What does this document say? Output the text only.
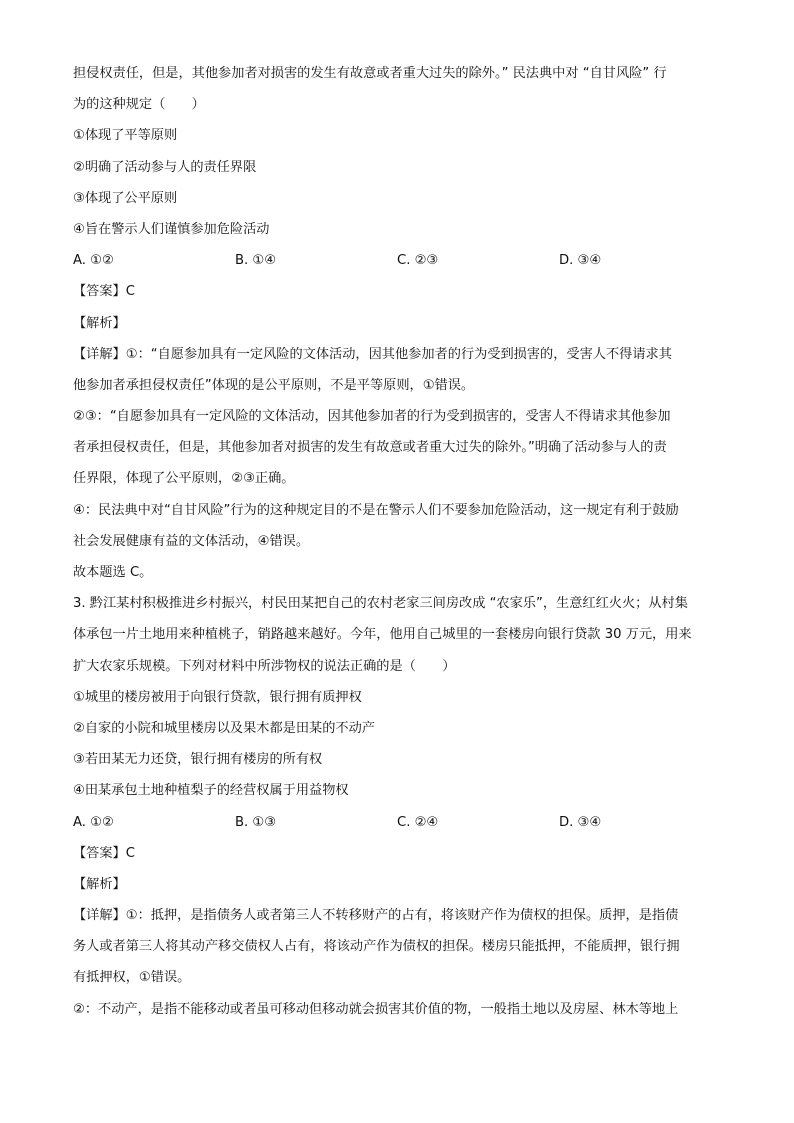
担侵权责任，但是，其他参加者对损害的发生有故意或者重大过失的除外。” 民法典中对 “自甘风险” 行
为的这种规定（　　）
①体现了平等原则
②明确了活动参与人的责任界限
③体现了公平原则
④旨在警示人们谨慎参加危险活动
A. ①②	B. ①④	C. ②③	D. ③④
【答案】C
【解析】
【详解】①：“自愿参加具有一定风险的文体活动，因其他参加者的行为受到损害的，受害人不得请求其
他参加者承担侵权责任”体现的是公平原则，不是平等原则，①错误。
②③：“自愿参加具有一定风险的文体活动，因其他参加者的行为受到损害的，受害人不得请求其他参加
者承担侵权责任，但是，其他参加者对损害的发生有故意或者重大过失的除外。”明确了活动参与人的责
任界限，体现了公平原则，②③正确。
④：民法典中对“自甘风险”行为的这种规定目的不是在警示人们不要参加危险活动，这一规定有利于鼓励
社会发展健康有益的文体活动，④错误。
故本题选 C。
3. 黔江某村积极推进乡村振兴，村民田某把自己的农村老家三间房改成 “农家乐”，生意红红火火；从村集
体承包一片土地用来种植桃子，销路越来越好。今年，他用自己城里的一套楼房向银行贷款 30 万元，用来
扩大农家乐规模。下列对材料中所涉物权的说法正确的是（　　）
①城里的楼房被用于向银行贷款，银行拥有质押权
②自家的小院和城里楼房以及果木都是田某的不动产
③若田某无力还贷，银行拥有楼房的所有权
④田某承包土地种植梨子的经营权属于用益物权
A. ①②	B. ①③	C. ②④	D. ③④
【答案】C
【解析】
【详解】①：抵押，是指债务人或者第三人不转移财产的占有，将该财产作为债权的担保。质押，是指债
务人或者第三人将其动产移交债权人占有，将该动产作为债权的担保。楼房只能抵押，不能质押，银行拥
有抵押权，①错误。
②：不动产，是指不能移动或者虽可移动但移动就会损害其价值的物，一般指土地以及房屋、林木等地上
